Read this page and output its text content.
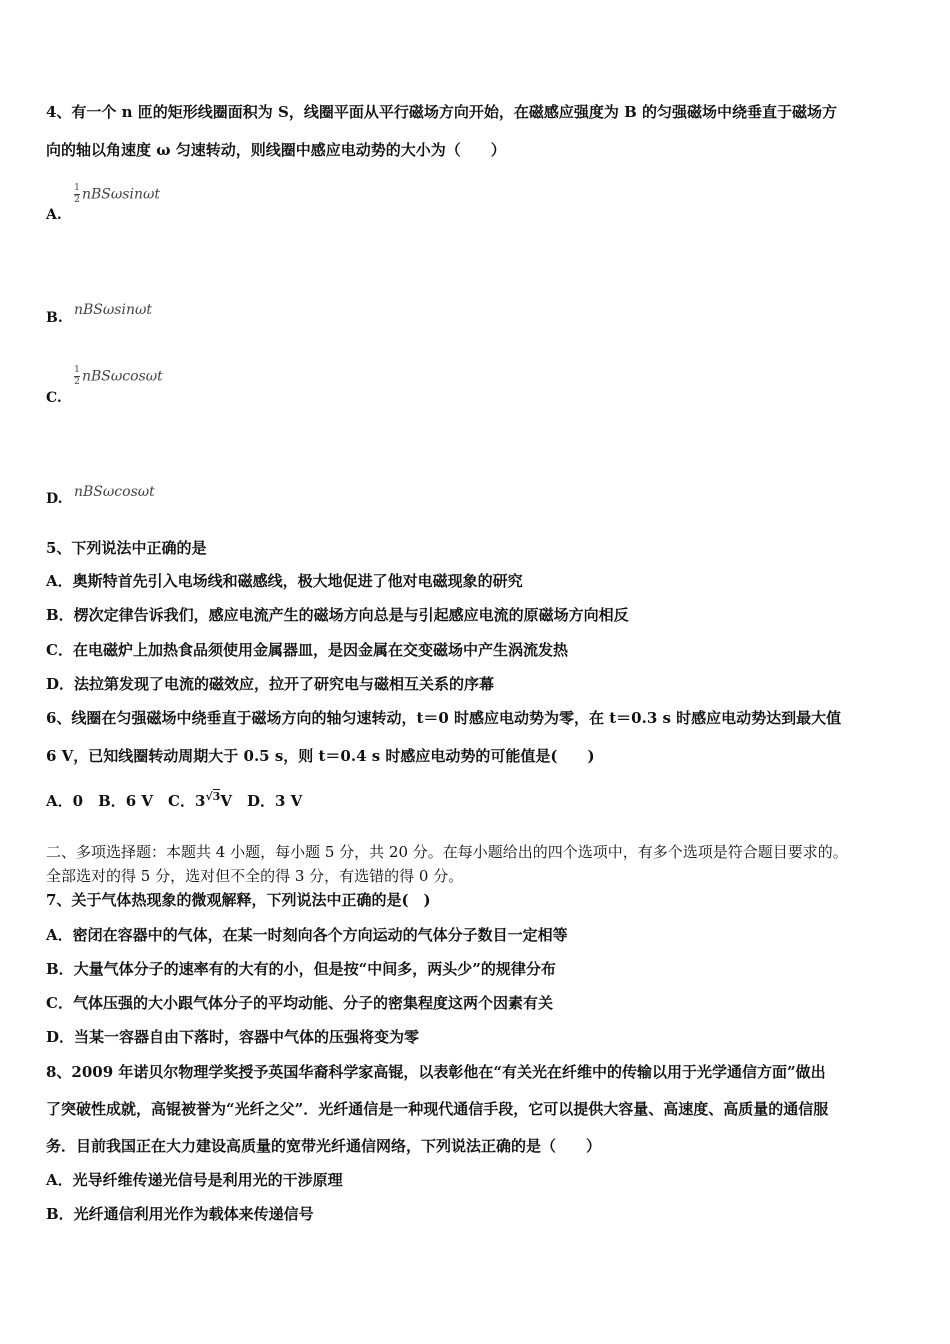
4、有一个 n 匝的矩形线圈面积为 S，线圈平面从平行磁场方向开始，在磁感应强度为 B 的匀强磁场中绕垂直于磁场方
向的轴以角速度 ω 匀速转动，则线圈中感应电动势的大小为（　　）
$\frac{1}{2}$ nBSωsinωt
A.
nBSωsinωt
B.
$\frac{1}{2}$ nBSωcosωt
C.
nBSωcosωt
D.
5、下列说法中正确的是
A．奥斯特首先引入电场线和磁感线，极大地促进了他对电磁现象的研究
B．楞次定律告诉我们，感应电流产生的磁场方向总是与引起感应电流的原磁场方向相反
C．在电磁炉上加热食品须使用金属器皿，是因金属在交变磁场中产生涡流发热
D．法拉第发现了电流的磁效应，拉开了研究电与磁相互关系的序幕
6、线圈在匀强磁场中绕垂直于磁场方向的轴匀速转动，t＝0 时感应电动势为零，在 t＝0.3 s 时感应电动势达到最大值
6 V，已知线圈转动周期大于 0.5 s，则 t＝0.4 s 时感应电动势的可能值是(　　)
A．0　B．6 V　C．$3^{√3}V$　D．3 V
二、多项选择题：本题共 4 小题，每小题 5 分，共 20 分。在每小题给出的四个选项中，有多个选项是符合题目要求的。
全部选对的得 5 分，选对但不全的得 3 分，有选错的得 0 分。
7、关于气体热现象的微观解释，下列说法中正确的是(　)
A．密闭在容器中的气体，在某一时刻向各个方向运动的气体分子数目一定相等
B．大量气体分子的速率有的大有的小，但是按“中间多，两头少”的规律分布
C．气体压强的大小跟气体分子的平均动能、分子的密集程度这两个因素有关
D．当某一容器自由下落时，容器中气体的压强将变为零
8、2009 年诺贝尔物理学奖授予英国华裔科学家高锟，以表彰他在“有关光在纤维中的传输以用于光学通信方面”做出
了突破性成就，高锟被誉为“光纤之父”．光纤通信是一种现代通信手段，它可以提供大容量、高速度、高质量的通信服
务．目前我国正在大力建设高质量的宽带光纤通信网络，下列说法正确的是（　　）
A．光导纤维传递光信号是利用光的干涉原理
B．光纤通信利用光作为载体来传递信号
